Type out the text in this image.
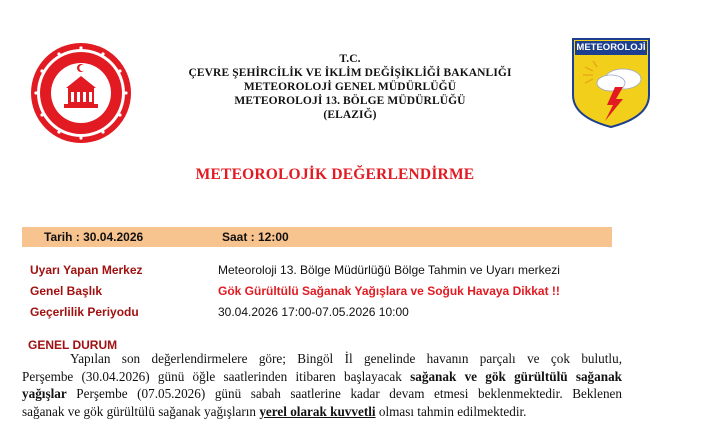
T.C.
ÇEVRE ŞEHİRCİLİK VE İKLİM DEĞİŞİKLİĞİ BAKANLIĞI
METEOROLOJİ GENEL MÜDÜRLÜĞÜ
METEOROLOJİ 13. BÖLGE MÜDÜRLÜĞÜ
(ELAZIĞ)
METEOROLOJİ
METEOROLOJİK DEĞERLENDİRME
Tarih : 30.04.2026	Saat : 12:00
Uyarı Yapan Merkez	Meteoroloji 13. Bölge Müdürlüğü Bölge Tahmin ve Uyarı merkezi
Genel Başlık	Gök Gürültülü Sağanak Yağışlara ve Soğuk Havaya Dikkat !!
Geçerlilik Periyodu	30.04.2026 17:00-07.05.2026 10:00
GENEL DURUM
Yapılan son değerlendirmelere göre; Bingöl İl genelinde havanın parçalı ve çok bulutlu,
Perşembe (30.04.2026) günü öğle saatlerinden itibaren başlayacak sağanak ve gök gürültülü sağanak
yağışlar Perşembe (07.05.2026) günü sabah saatlerine kadar devam etmesi beklenmektedir. Beklenen
sağanak ve gök gürültülü sağanak yağışların yerel olarak kuvvetli olması tahmin edilmektedir.
